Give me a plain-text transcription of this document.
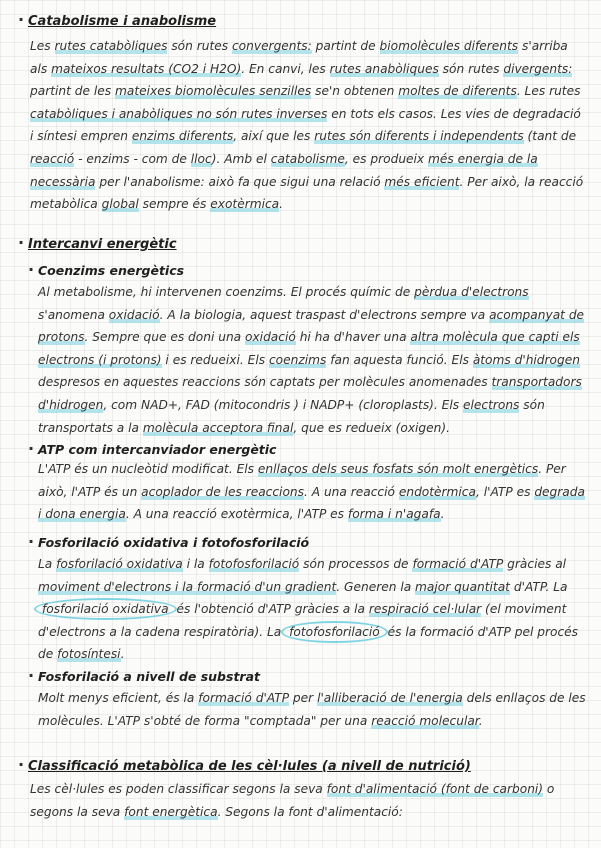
· Catabolisme i anabolisme

Les rutes catabòliques són rutes convergents: partint de biomolècules diferents s'arriba als mateixos resultats (CO2 i H2O). En canvi, les rutes anabòliques són rutes divergents: partint de les mateixes biomolècules senzilles se'n obtenen moltes de diferents. Les rutes catabòliques i anabòliques no són rutes inverses en tots els casos. Les vies de degradació i síntesi empren enzims diferents, així que les rutes són diferents i independents (tant de reacció - enzims - com de lloc). Amb el catabolisme, es produeix més energia de la necessària per l'anabolisme: això fa que sigui una relació més eficient. Per això, la reacció metabòlica global sempre és exotèrmica.

· Intercanvi energètic
· Coenzims energètics

Al metabolisme, hi intervenen coenzims. El procés químic de pèrdua d'electrons s'anomena oxidació. A la biologia, aquest traspast d'electrons sempre va acompanyat de protons. Sempre que es doni una oxidació hi ha d'haver una altra molècula que capti els electrons (i protons) i es redueixi. Els coenzims fan aquesta funció. Els àtoms d'hidrogen despresos en aquestes reaccions són captats per molècules anomenades transportadors d'hidrogen, com NAD+, FAD (mitocondris ) i NADP+ (cloroplasts). Els electrons són transportats a la molècula acceptora final, que es redueix (oxigen).

· ATP com intercanviador energètic

L'ATP és un nucleòtid modificat. Els enllaços dels seus fosfats són molt energètics. Per això, l'ATP és un acoplador de les reaccions. A una reacció endotèrmica, l'ATP es degrada i dona energia. A una reacció exotèrmica, l'ATP es forma i n'agafa.

· Fosforilació oxidativa i fotofosforilació

La fosforilació oxidativa i la fotofosforilació són processos de formació d'ATP gràcies al moviment d'electrons i la formació d'un gradient. Generen la major quantitat d'ATP. La fosforilació oxidativa és l'obtenció d'ATP gràcies a la respiració cel·lular (el moviment d'electrons a la cadena respiratòria). La fotofosforilació és la formació d'ATP pel procés de fotosíntesi.

· Fosforilació a nivell de substrat

Molt menys eficient, és la formació d'ATP per l'alliberació de l'energia dels enllaços de les molècules. L'ATP s'obté de forma "comptada" per una reacció molecular.

· Classificació metabòlica de les cèl·lules (a nivell de nutrició)

Les cèl·lules es poden classificar segons la seva font d'alimentació (font de carboni) o segons la seva font energètica. Segons la font d'alimentació:
